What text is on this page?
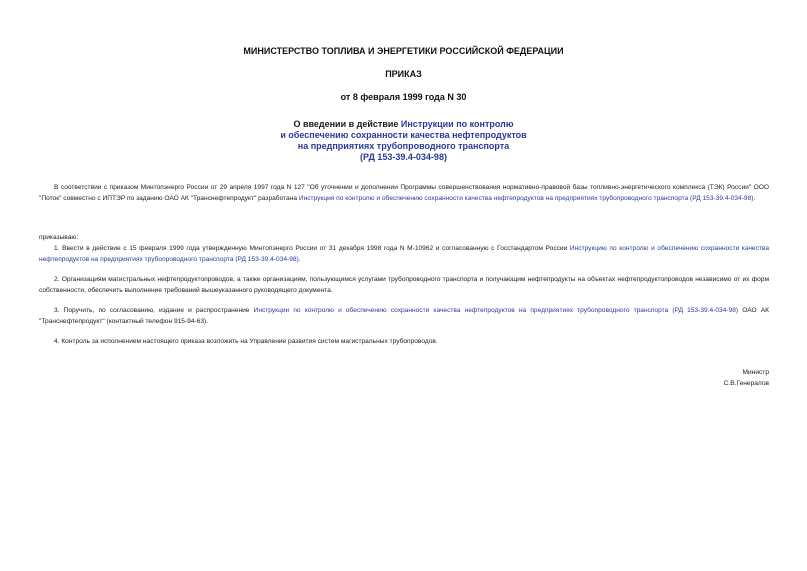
МИНИСТЕРСТВО ТОПЛИВА И ЭНЕРГЕТИКИ РОССИЙСКОЙ ФЕДЕРАЦИИ
ПРИКАЗ
от 8 февраля 1999 года N 30
О введении в действие Инструкции по контролю
и обеспечению сохранности качества нефтепродуктов
на предприятиях трубопроводного транспорта
(РД 153-39.4-034-98)
В соответствии с приказом Минтопэнерго России от 29 апреля 1997 года N 127 "Об уточнении и дополнении Программы совершенствования нормативно-правовой базы топливно-энергетического комплекса (ТЭК) России" ООО "Поток" совместно с ИПТЭР по заданию ОАО АК "Транснефтепродукт" разработана Инструкция по контролю и обеспечению сохранности качества нефтепродуктов на предприятиях трубопроводного транспорта (РД 153-39.4-034-98).
приказываю:
1. Ввести в действие с 15 февраля 1999 года утвержденную Минтопэнерго России от 31 декабря 1998 года N М-10962 и согласованную с Госстандартом России Инструкцию по контролю и обеспечению сохранности качества нефтепродуктов на предприятиях трубопроводного транспорта (РД 153-39.4-034-98).
2. Организациям магистральных нефтепродуктопроводов, а также организациям, пользующимся услугами трубопроводного транспорта и получающим нефтепродукты на объектах нефтепродуктопроводов независимо от их форм собственности, обеспечить выполнение требований вышеуказанного руководящего документа.
3. Поручить, по согласованию, издание и распространение Инструкции по контролю и обеспечению сохранности качества нефтепродуктов на предприятиях трубопроводного транспорта (РД 153-39.4-034-98) ОАО АК "Транснефтепродукт" (контактный телефон 915-94-63).
4. Контроль за исполнением настоящего приказа возложить на Управление развития систем магистральных трубопроводов.
Министр
С.В.Генералов
